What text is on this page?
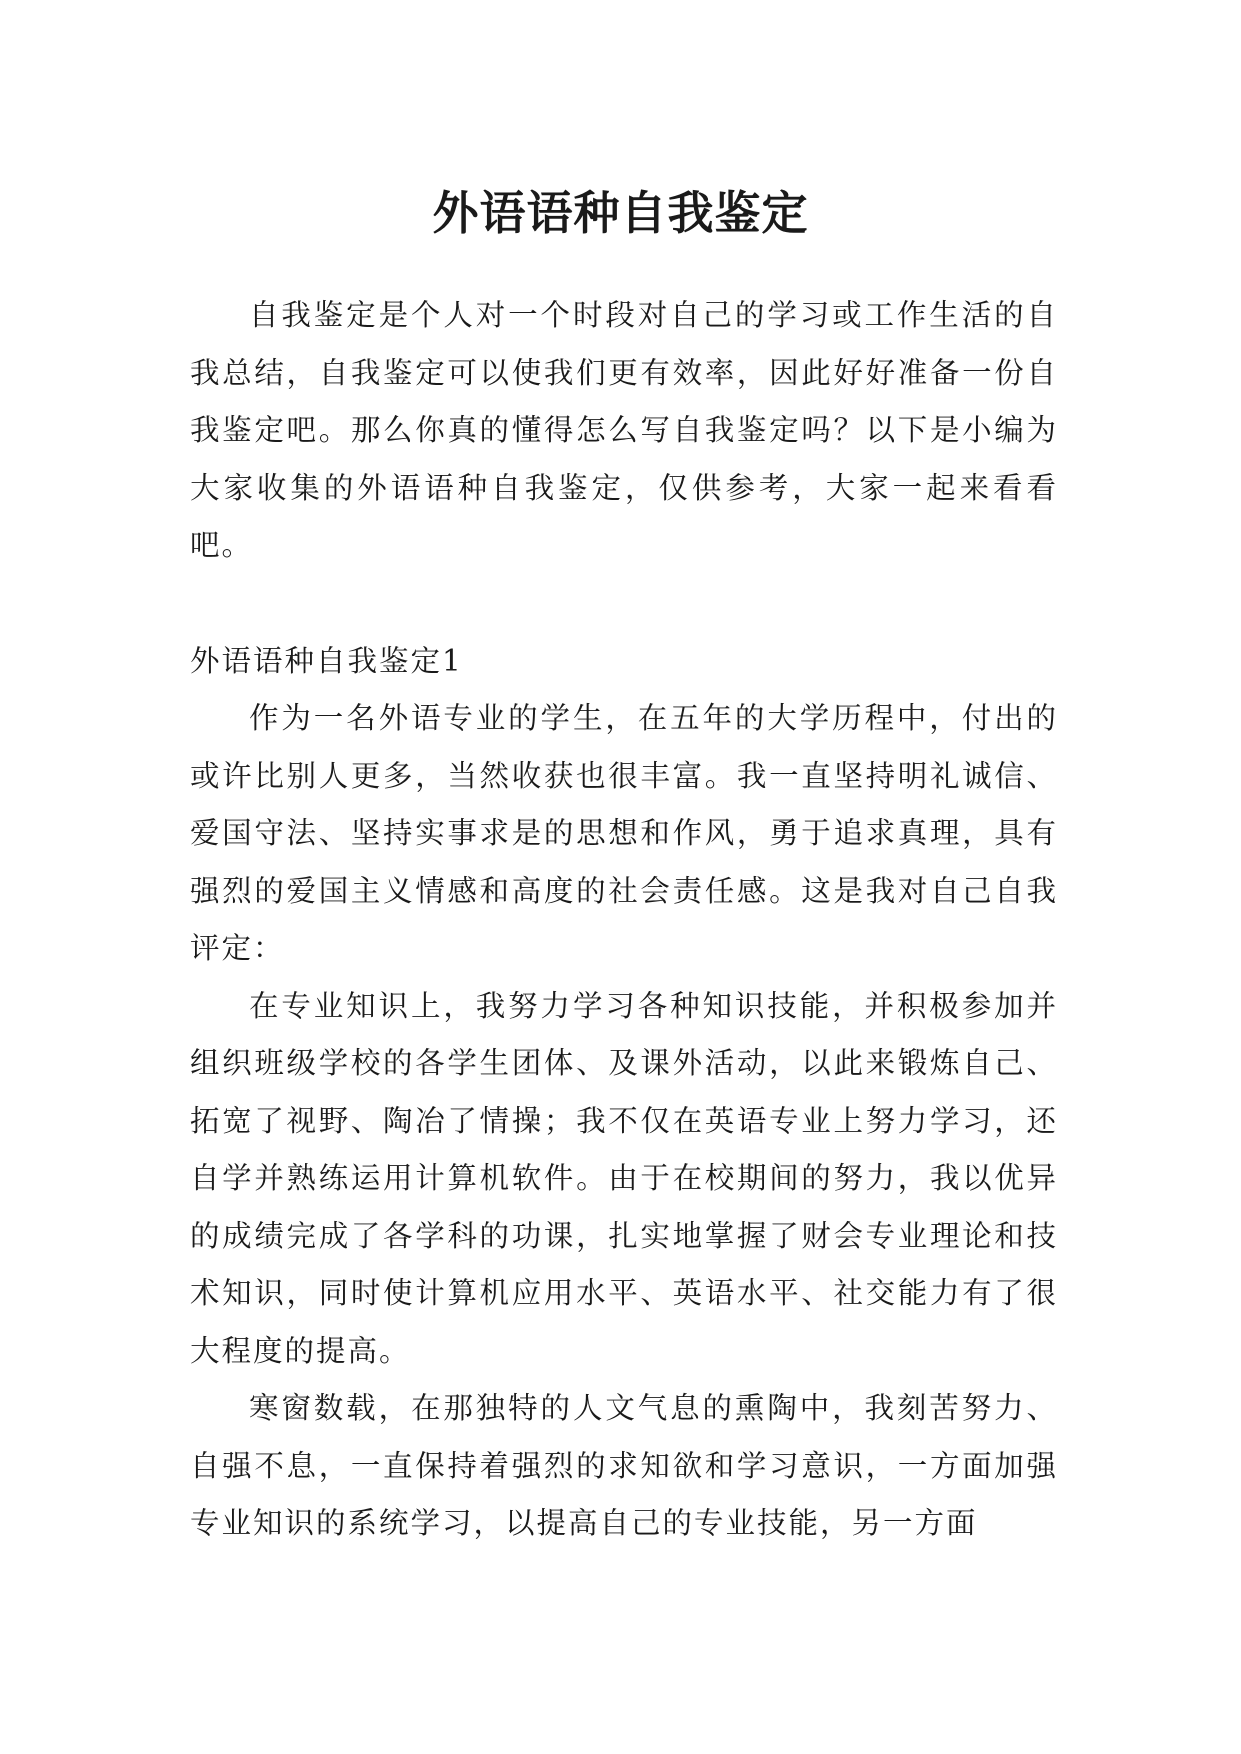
外语语种自我鉴定

自我鉴定是个人对一个时段对自己的学习或工作生活的自我总结，自我鉴定可以使我们更有效率，因此好好准备一份自我鉴定吧。那么你真的懂得怎么写自我鉴定吗？以下是小编为大家收集的外语语种自我鉴定，仅供参考，大家一起来看看吧。

外语语种自我鉴定1

作为一名外语专业的学生，在五年的大学历程中，付出的或许比别人更多，当然收获也很丰富。我一直坚持明礼诚信、爱国守法、坚持实事求是的思想和作风，勇于追求真理，具有强烈的爱国主义情感和高度的社会责任感。这是我对自己自我评定：

在专业知识上，我努力学习各种知识技能，并积极参加并组织班级学校的各学生团体、及课外活动，以此来锻炼自己、拓宽了视野、陶冶了情操；我不仅在英语专业上努力学习，还自学并熟练运用计算机软件。由于在校期间的努力，我以优异的成绩完成了各学科的功课，扎实地掌握了财会专业理论和技术知识，同时使计算机应用水平、英语水平、社交能力有了很大程度的提高。

寒窗数载，在那独特的人文气息的熏陶中，我刻苦努力、自强不息，一直保持着强烈的求知欲和学习意识，一方面加强专业知识的系统学习，以提高自己的专业技能，另一方面
